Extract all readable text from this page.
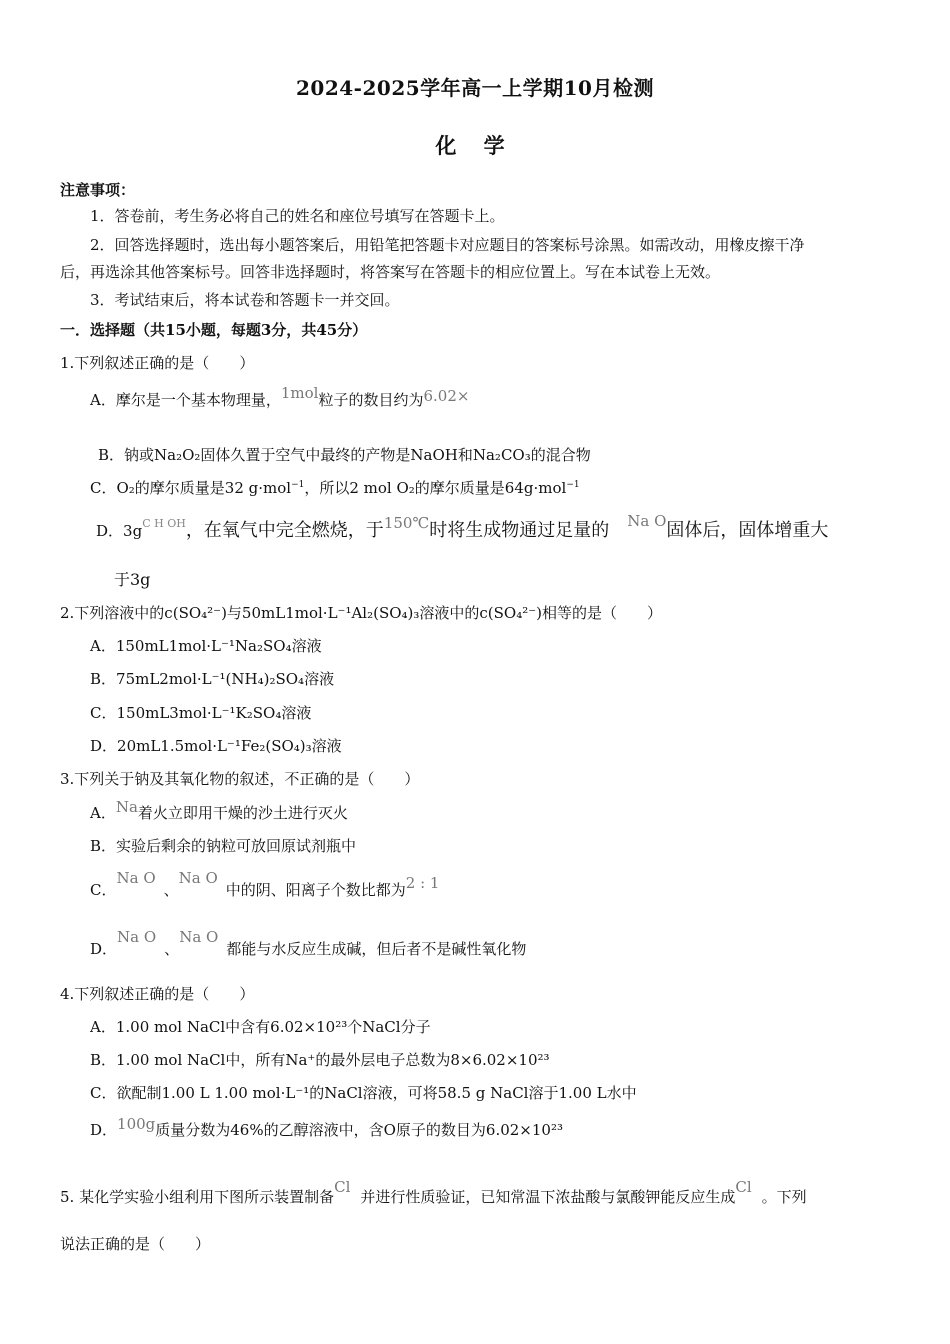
2024-2025学年高一上学期10月检测
化 学
注意事项：
1．答卷前，考生务必将自己的姓名和座位号填写在答题卡上。
2．回答选择题时，选出每小题答案后，用铅笔把答题卡对应题目的答案标号涂黑。如需改动，用橡皮擦干净
后，再选涂其他答案标号。回答非选择题时，将答案写在答题卡的相应位置上。写在本试卷上无效。
3．考试结束后，将本试卷和答题卡一并交回。
一．选择题（共15小题，每题3分，共45分）
1.下列叙述正确的是（　　）
A．摩尔是一个基本物理量，1mol粒子的数目约为6.02×
B．钠或Na₂O₂固体久置于空气中最终的产物是NaOH和Na₂CO₃的混合物
C．O₂的摩尔质量是32 g·mol$^{-1}$，所以2 mol O₂的摩尔质量是64g·mol$^{-1}$
D．$3g^{C H OH}$，在氧气中完全燃烧，于$^{150℃}$时将生成物通过足量的 $^{Na O}$固体后，固体增重大
于3g
2.下列溶液中的c(SO₄²⁻)与50mL1mol·L⁻¹Al₂(SO₄)₃溶液中的c(SO₄²⁻)相等的是（　　）
A．150mL1mol·L⁻¹Na₂SO₄溶液
B．75mL2mol·L⁻¹(NH₄)₂SO₄溶液
C．150mL3mol·L⁻¹K₂SO₄溶液
D．20mL1.5mol·L⁻¹Fe₂(SO₄)₃溶液
3.下列关于钠及其氧化物的叙述，不正确的是（　　）
A．Na着火立即用干燥的沙土进行灭火
B．实验后剩余的钠粒可放回原试剂瓶中
C．Na O、Na O中的阴、阳离子个数比都为2 : 1
D．Na O、Na O都能与水反应生成碱，但后者不是碱性氧化物
4.下列叙述正确的是（　　）
A．1.00 mol NaCl中含有6.02×10²³个NaCl分子
B．1.00 mol NaCl中，所有Na⁺的最外层电子总数为8×6.02×10²³
C．欲配制1.00 L 1.00 mol·L⁻¹的NaCl溶液，可将58.5 g NaCl溶于1.00 L水中
D．100g质量分数为46%的乙醇溶液中，含O原子的数目为6.02×10²³
5. 某化学实验小组利用下图所示装置制备Cl并进行性质验证，已知常温下浓盐酸与氯酸钾能反应生成Cl。下列
说法正确的是（　　）
